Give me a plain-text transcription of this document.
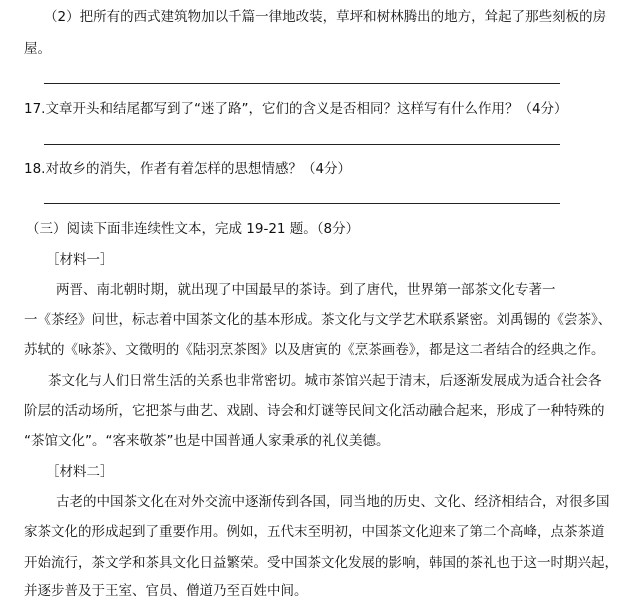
（2）把所有的西式建筑物加以千篇一律地改装，草坪和树林腾出的地方，耸起了那些刻板的房
屋。
17.文章开头和结尾都写到了“迷了路”，它们的含义是否相同？这样写有什么作用？（4分）
18.对故乡的消失，作者有着怎样的思想情感？（4分）
（三）阅读下面非连续性文本，完成 19-21 题。（8分）
［材料一］
两晋、南北朝时期，就出现了中国最早的茶诗。到了唐代，世界第一部茶文化专著一
一《茶经》问世，标志着中国茶文化的基本形成。茶文化与文学艺术联系紧密。刘禹锡的《尝茶》、
苏轼的《咏茶》、文徵明的《陆羽烹茶图》以及唐寅的《烹茶画卷》，都是这二者结合的经典之作。
茶文化与人们日常生活的关系也非常密切。城市茶馆兴起于清末，后逐渐发展成为适合社会各
阶层的活动场所，它把茶与曲艺、戏剧、诗会和灯谜等民间文化活动融合起来，形成了一种特殊的
“茶馆文化”。“客来敬茶”也是中国普通人家秉承的礼仪美德。
［材料二］
古老的中国茶文化在对外交流中逐渐传到各国，同当地的历史、文化、经济相结合，对很多国
家茶文化的形成起到了重要作用。例如，五代末至明初，中国茶文化迎来了第二个高峰，点茶茶道
开始流行，茶文学和茶具文化日益繁荣。受中国茶文化发展的影响，韩国的茶礼也于这一时期兴起，
并逐步普及于王室、官员、僧道乃至百姓中间。
